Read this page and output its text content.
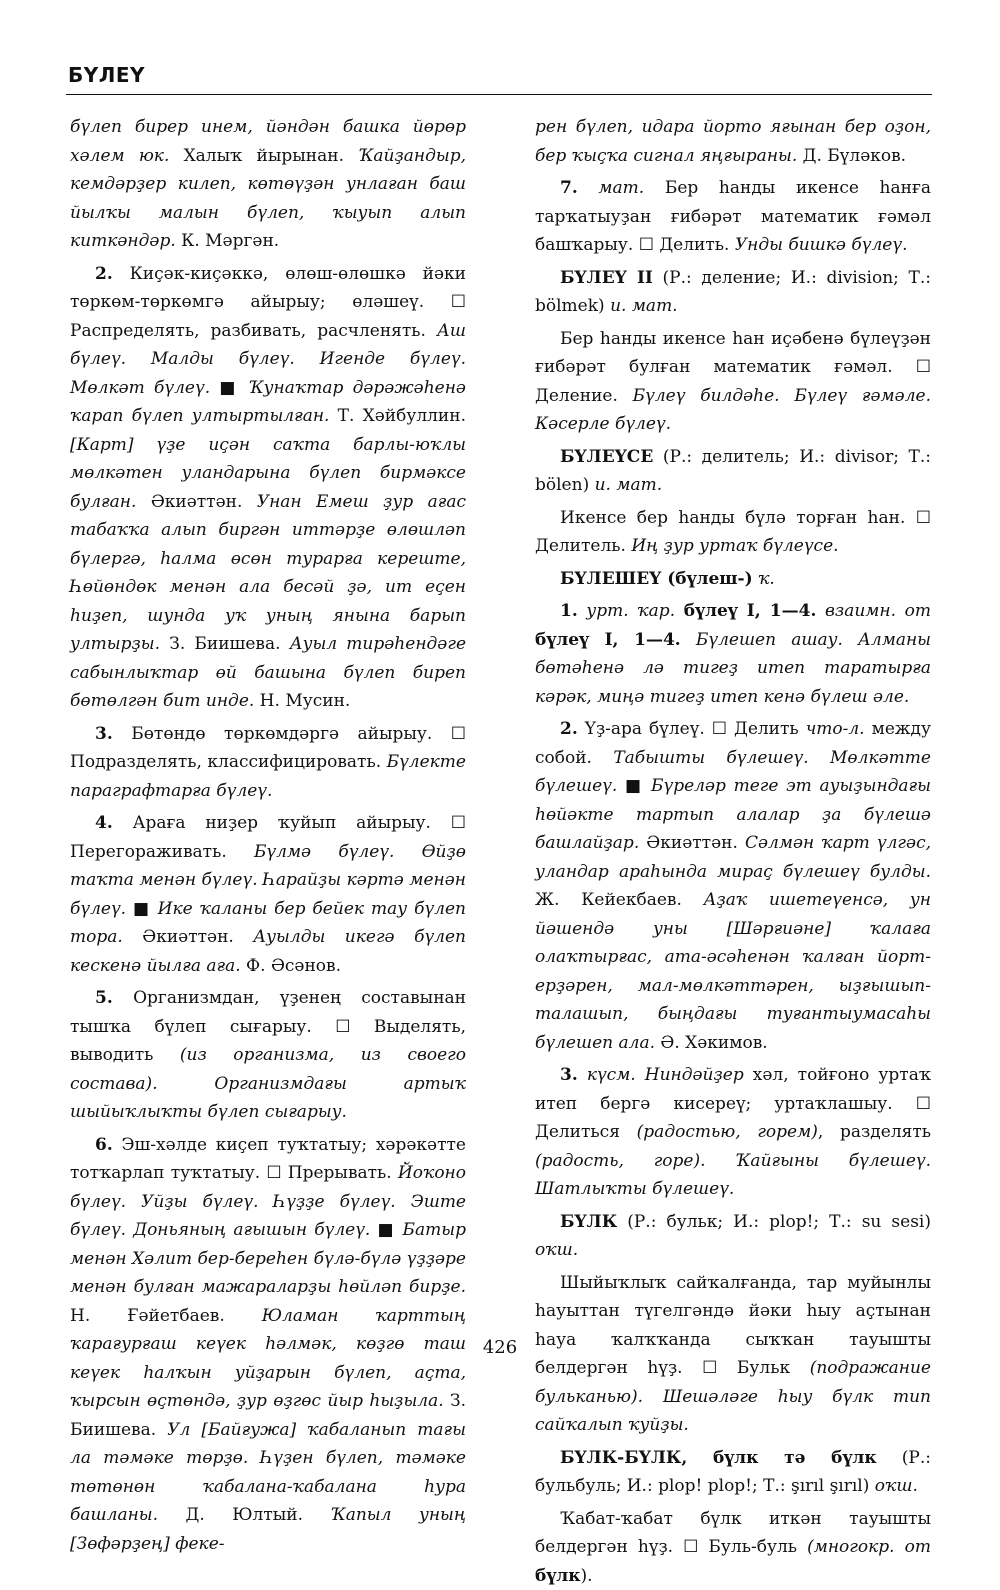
БҮЛЕҮ

бүлеп бирер инем, йәндән башка йөрөр хәлем юк. Халыҡ йырынан. Ҡайҙандыр, кемдәрҙер килеп, көтөүҙән унлаған баш йылҡы малын бүлеп, ҡыуып алып киткәндәр. К. Мәргән.

2. Киҫәк-киҫәккә, өлөш-өлөшкә йәки төркөм-төркөмгә айырыу; өләшеү. ☐ Распределять, разбивать, расчленять. Аш бүлеү. Малды бүлеү. Игенде бүлеү. Мөлкәт бүлеү. ■ Ҡунаҡтар дәрәжәһенә ҡарап бүлеп ултыртылған. Т. Хәйбуллин. [Карт] үҙе иҫән саҡта барлы-юҡлы мөлкәтен уландарына бүлеп бирмәксе булған. Әкиәттән. Унан Емеш ҙур ағас табаҡҡа алып биргән иттәрҙе өлөшләп бүлергә, һалма өсөн турарға кереште, Һөйөндөк менән ала бесәй ҙә, ит еҫен һиҙеп, шунда уҡ уның янына барып ултырҙы. З. Биишева. Ауыл тирәһендәге сабынлыҡтар өй башына бүлеп биреп бөтөлгән бит инде. Н. Мусин.

3. Бөтөндө төркөмдәргә айырыу. ☐ Подразделять, классифицировать. Бүлекте параграфтарға бүлеү.

4. Араға ниҙер ҡуйып айырыу. ☐ Перегораживать. Бүлмә бүлеү. Өйҙө таҡта менән бүлеү. Һарайҙы кәртә менән бүлеү. ■ Ике ҡаланы бер бейек тау бүлеп тора. Әкиәттән. Ауылды икегә бүлеп кескенә йылға аға. Ф. Әсәнов.

5. Организмдан, үҙенең составынан тышҡа бүлеп сығарыу. ☐ Выделять, выводить (из организма, из своего состава). Организмдағы артыҡ шыйыҡлыҡты бүлеп сығарыу.

6. Эш-хәлде киҫеп туҡтатыу; хәрәкәтте тотҡарлап туҡтатыу. ☐ Прерывать. Йоҡоно бүлеү. Уйҙы бүлеү. Һүҙҙе бүлеү. Эште бүлеү. Доньяның ағышын бүлеү. ■ Батыр менән Хәлит бер-береһен бүлә-бүлә үҙҙәре менән булған мажараларҙы һөйләп бирҙе. Н. Ғәйетбаев. Юламан ҡарттың ҡарағурғаш кеүек һәлмәк, көҙгө таш кеүек һалҡын уйҙарын бүлеп, аҫта, ҡырсын өҫтөндә, ҙур өҙгөс йыр һыҙыла. З. Биишева. Ул [Байғужа] ҡабаланып тағы ла тәмәке төрҙө. Һүҙен бүлеп, тәмәке төтөнөн ҡабалана-ҡабалана һура башланы. Д. Юлтый. Ҡапыл уның [Зөфәрҙең] феке-

рен бүлеп, идара йорто яғынан бер оҙон, бер ҡыҫҡа сигнал яңғыраны. Д. Бүләков.

7. мат. Бер һанды икенсе һанға тарҡатыуҙан ғибәрәт математик ғәмәл башҡарыу. ☐ Делить. Унды бишкә бүлеү.

БҮЛЕҮ II (Р.: деление; И.: division; Т.: bölmek) и. мат.

Бер һанды икенсе һан иҫәбенә бүлеүҙән ғибәрәт булған математик ғәмәл. ☐ Деление. Бүлеү билдәһе. Бүлеү ғәмәле. Кәсерле бүлеү.

БҮЛЕҮСЕ (Р.: делитель; И.: divisor; Т.: bölen) и. мат.

Икенсе бер һанды бүлә торған һан. ☐ Делитель. Иң ҙур уртаҡ бүлеүсе.

БҮЛЕШЕҮ (бүлеш-) ҡ.

1. урт. ҡар. бүлеү I, 1—4. взаимн. от бүлеү I, 1—4. Бүлешеп ашау. Алманы бөтәһенә лә тигеҙ итеп таратырға кәрәк, миңә тигеҙ итеп кенә бүлеш әле.

2. Үҙ-ара бүлеү. ☐ Делить что-л. между собой. Табышты бүлешеү. Мөлкәтте бүлешеү. ■ Бүреләр теге эт ауыҙындағы һөйәкте тартып алалар ҙа бүлешә башлайҙар. Әкиәттән. Сәлмән ҡарт үлгәс, уландар араһында мираҫ бүлешеү булды. Ж. Кейекбаев. Аҙаҡ ишетеүенсә, ун йәшендә уны [Шәрғиәне] ҡалаға олаҡтырғас, ата-әсәһенән ҡалған йорт-ерҙәрен, мал-мөлкәттәрен, ыҙғышып-талашып, быңдағы туғантыумасаһы бүлешеп ала. Ә. Хәкимов.

3. күсм. Ниндәйҙер хәл, тойғоно уртаҡ итеп бергә кисереү; уртаҡлашыу. ☐ Делиться (радостью, горем), разделять (радость, горе). Ҡайғыны бүлешеү. Шатлыҡты бүлешеү.

БҮЛК (Р.: бульк; И.: plop!; Т.: su sesi) оҡш.

Шыйыҡлыҡ сайҡалғанда, тар муйынлы һауыттан түгелгәндә йәки һыу аҫтынан һауа ҡалҡҡанда сыҡҡан тауышты белдергән һүҙ. ☐ Бульк (подражание бульканью). Шешәләге һыу бүлк тип сайҡалып ҡуйҙы.

БҮЛК-БҮЛК, бүлк тә бүлк (Р.: бульбуль; И.: plop! plop!; Т.: şırıl şırıl) оҡш.

Ҡабат-ҡабат бүлк иткән тауышты белдергән һүҙ. ☐ Буль-буль (многокр. от бүлк).

426
